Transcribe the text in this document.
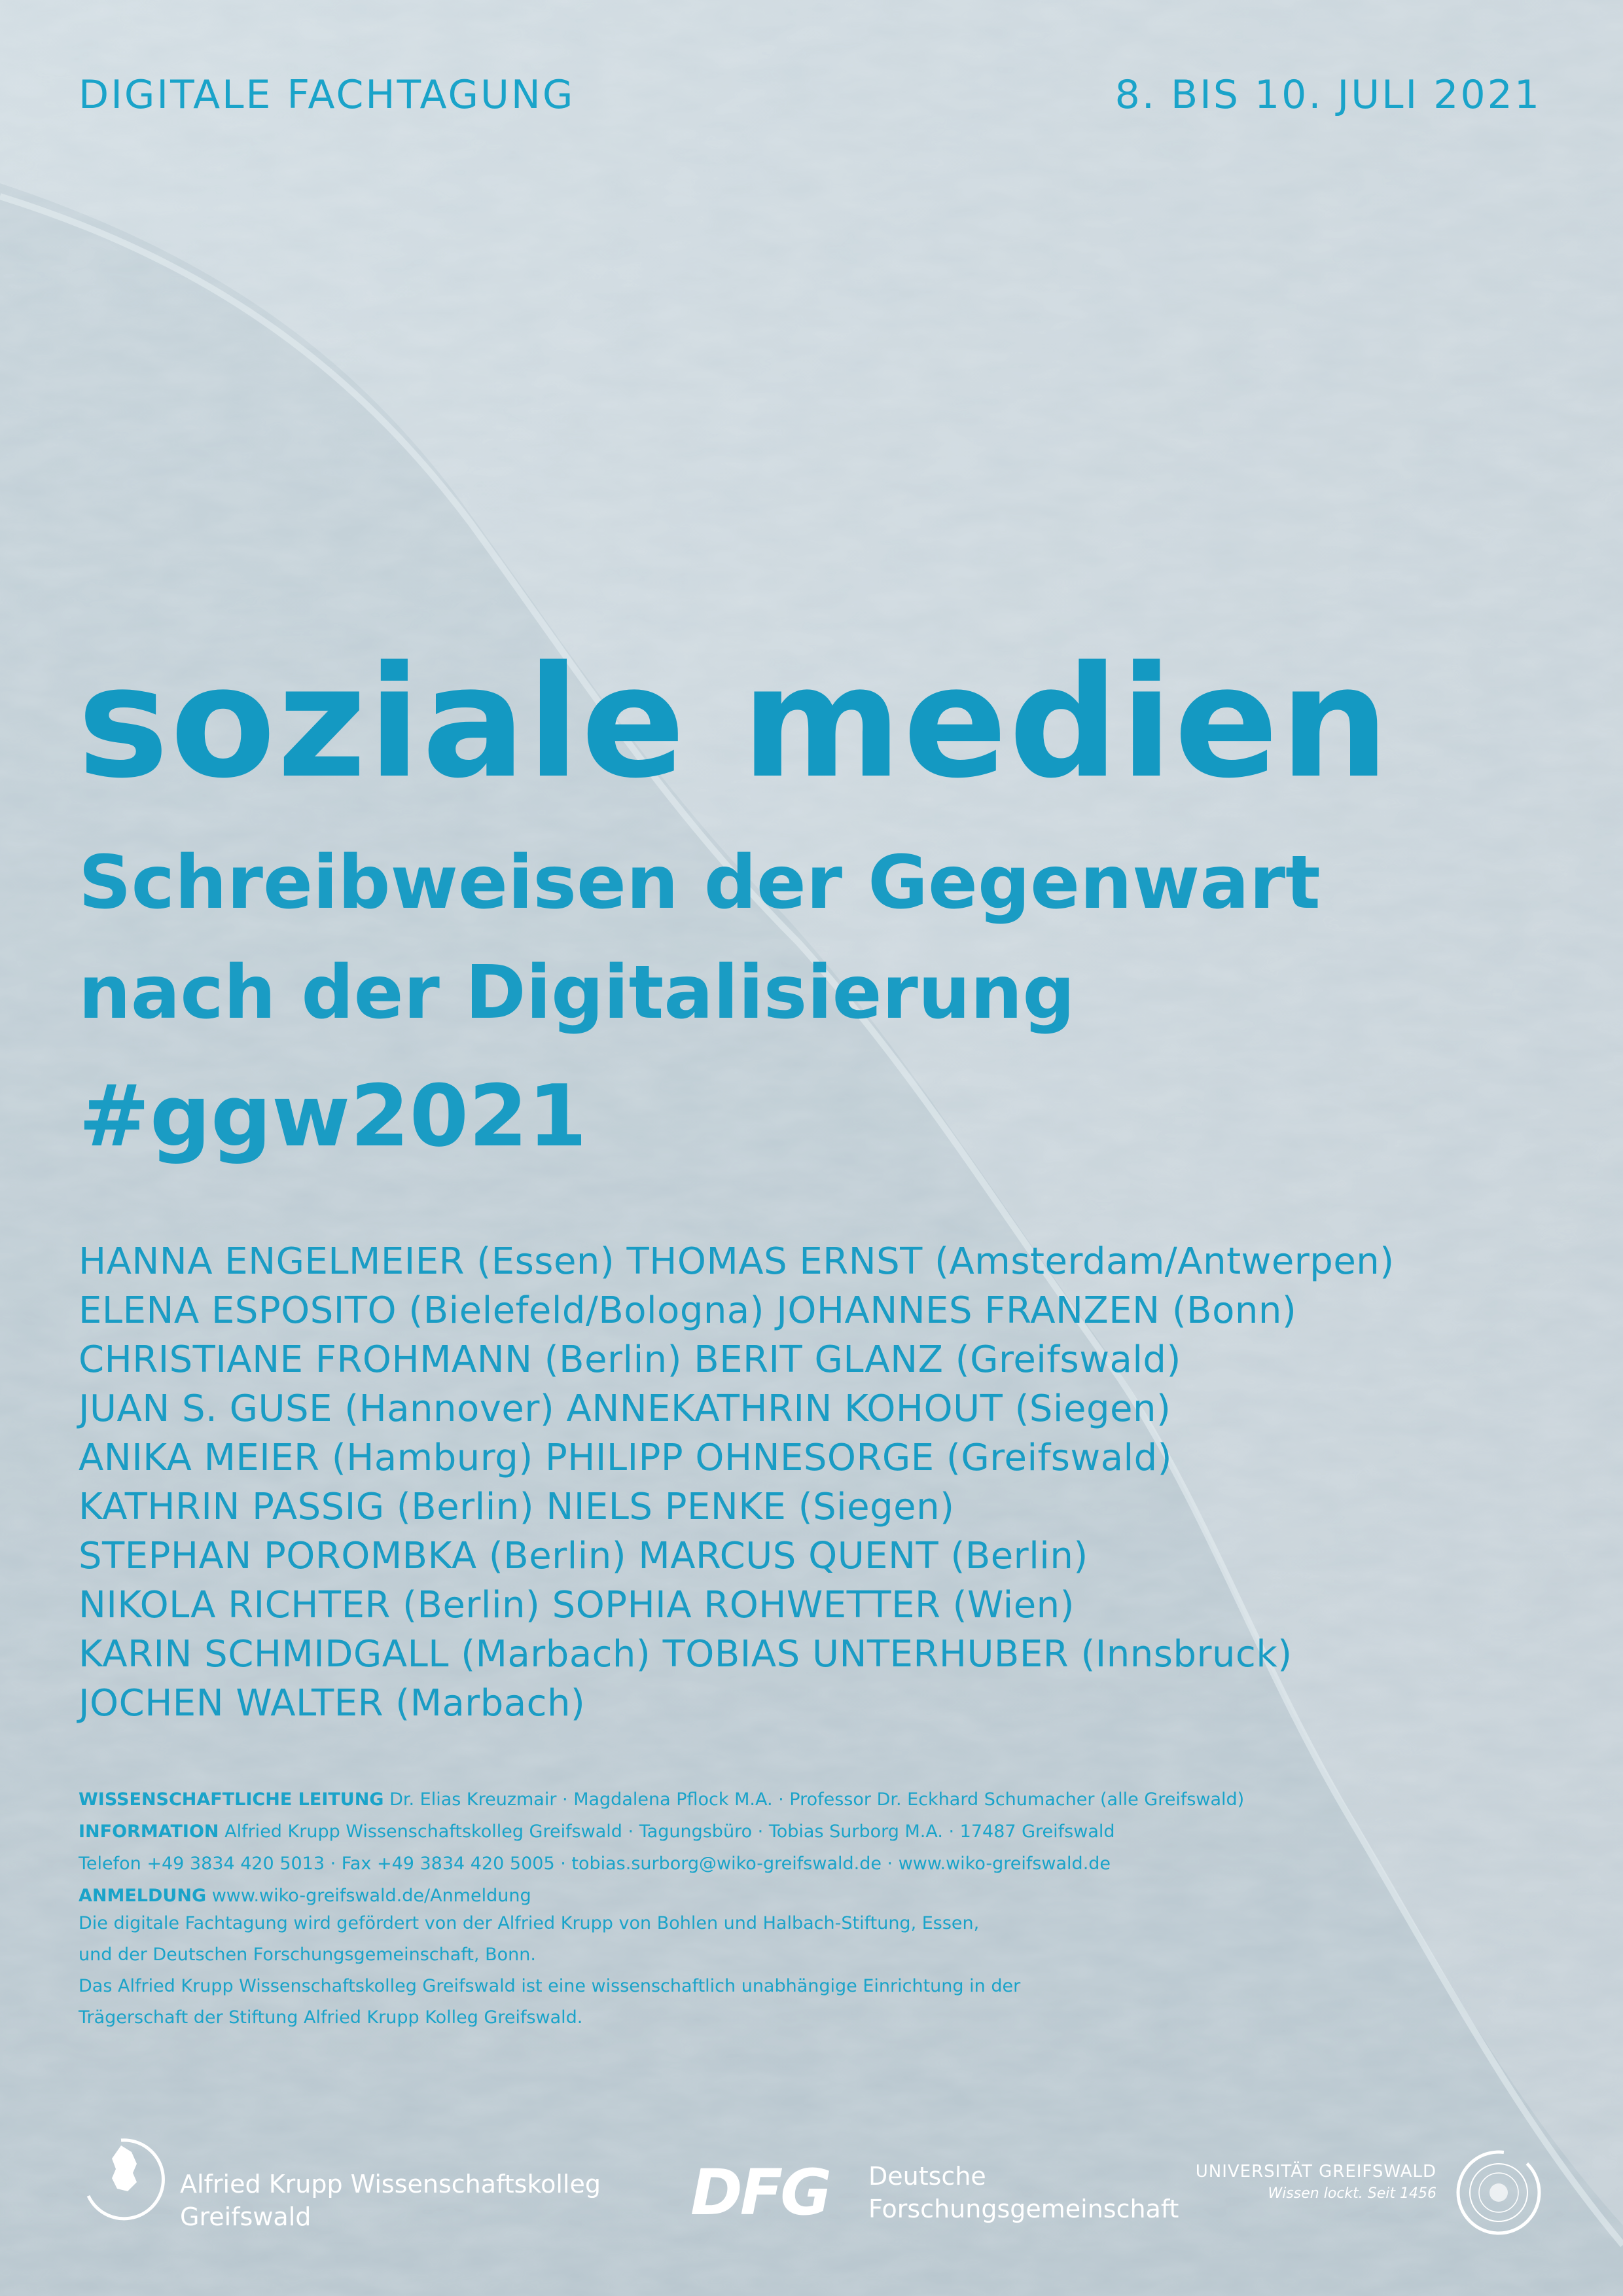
DIGITALE FACHTAGUNG	8. BIS 10. JULI 2021
soziale medien
Schreibweisen der Gegenwart
nach der Digitalisierung
#ggw2021
HANNA ENGELMEIER (Essen) THOMAS ERNST (Amsterdam/Antwerpen)
ELENA ESPOSITO (Bielefeld/Bologna) JOHANNES FRANZEN (Bonn)
CHRISTIANE FROHMANN (Berlin) BERIT GLANZ (Greifswald)
JUAN S. GUSE (Hannover) ANNEKATHRIN KOHOUT (Siegen)
ANIKA MEIER (Hamburg) PHILIPP OHNESORGE (Greifswald)
KATHRIN PASSIG (Berlin) NIELS PENKE (Siegen)
STEPHAN POROMBKA (Berlin) MARCUS QUENT (Berlin)
NIKOLA RICHTER (Berlin) SOPHIA ROHWETTER (Wien)
KARIN SCHMIDGALL (Marbach) TOBIAS UNTERHUBER (Innsbruck)
JOCHEN WALTER (Marbach)
WISSENSCHAFTLICHE LEITUNG Dr. Elias Kreuzmair · Magdalena Pflock M.A. · Professor Dr. Eckhard Schumacher (alle Greifswald)
INFORMATION Alfried Krupp Wissenschaftskolleg Greifswald · Tagungsbüro · Tobias Surborg M.A. · 17487 Greifswald
Telefon +49 3834 420 5013 · Fax +49 3834 420 5005 · tobias.surborg@wiko-greifswald.de · www.wiko-greifswald.de
ANMELDUNG www.wiko-greifswald.de/Anmeldung
Die digitale Fachtagung wird gefördert von der Alfried Krupp von Bohlen und Halbach-Stiftung, Essen,
und der Deutschen Forschungsgemeinschaft, Bonn.
Das Alfried Krupp Wissenschaftskolleg Greifswald ist eine wissenschaftlich unabhängige Einrichtung in der
Trägerschaft der Stiftung Alfried Krupp Kolleg Greifswald.
Alfried Krupp Wissenschaftskolleg
Greifswald	DFG Deutsche
Forschungsgemeinschaft
UNIVERSITÄT GREIFSWALD
Wissen lockt. Seit 1456
